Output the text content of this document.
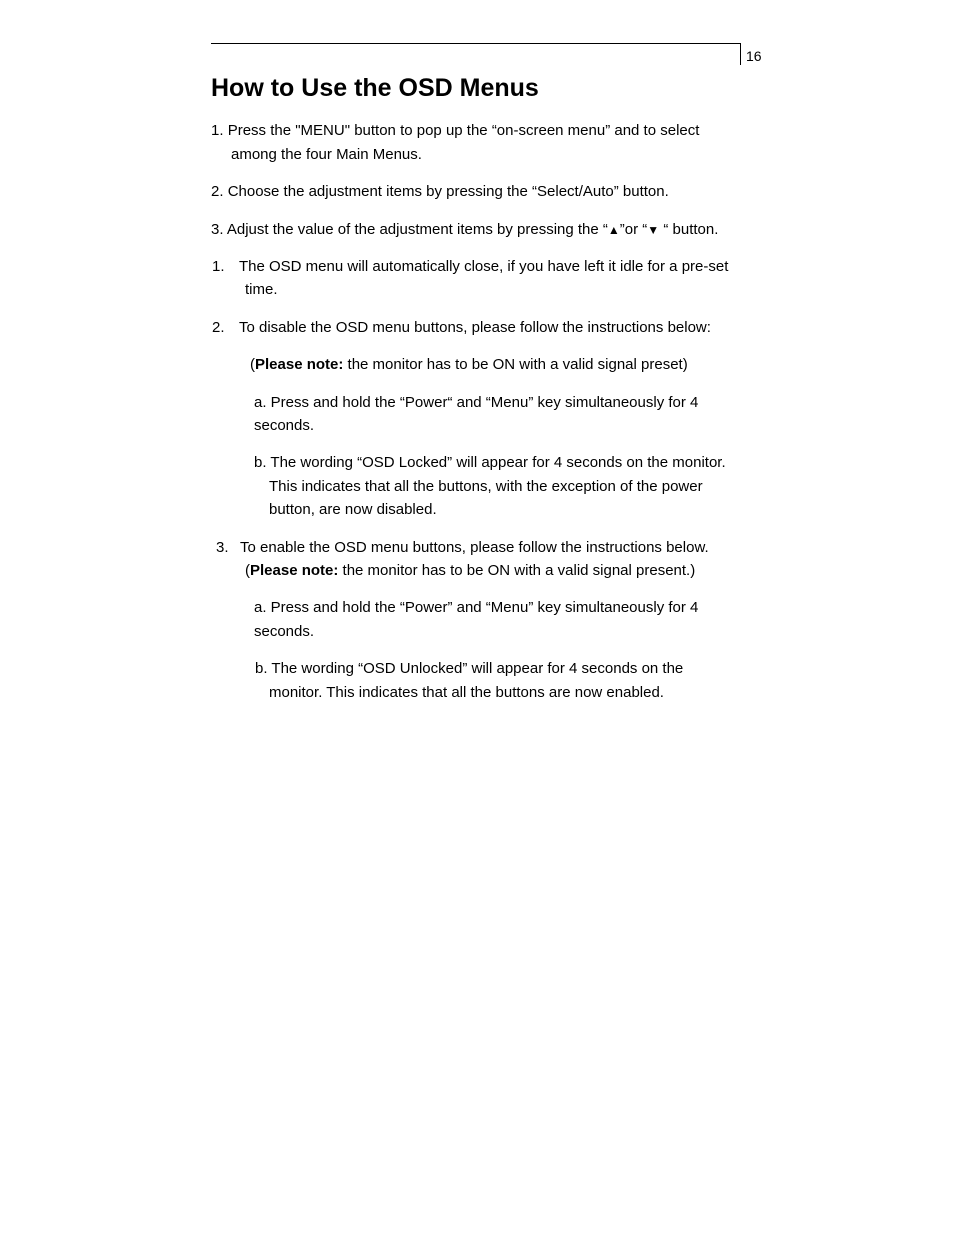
16
How to Use the OSD Menus
1. Press the "MENU" button to pop up the “on-screen menu” and to select
among the four Main Menus.
2. Choose the adjustment items by pressing the “Select/Auto” button.
3. Adjust the value of the adjustment items by pressing the “▲”or “▼ “ button.
1. The OSD menu will automatically close, if you have left it idle for a pre-set
time.
2. To disable the OSD menu buttons, please follow the instructions below:
(Please note: the monitor has to be ON with a valid signal preset)
a. Press and hold the “Power“ and “Menu” key simultaneously for 4
seconds.
b. The wording “OSD Locked” will appear for 4 seconds on the monitor.
This indicates that all the buttons, with the exception of the power
button, are now disabled.
3. To enable the OSD menu buttons, please follow the instructions below.
(Please note: the monitor has to be ON with a valid signal present.)
a. Press and hold the “Power” and “Menu” key simultaneously for 4
seconds.
b. The wording “OSD Unlocked” will appear for 4 seconds on the
monitor. This indicates that all the buttons are now enabled.
